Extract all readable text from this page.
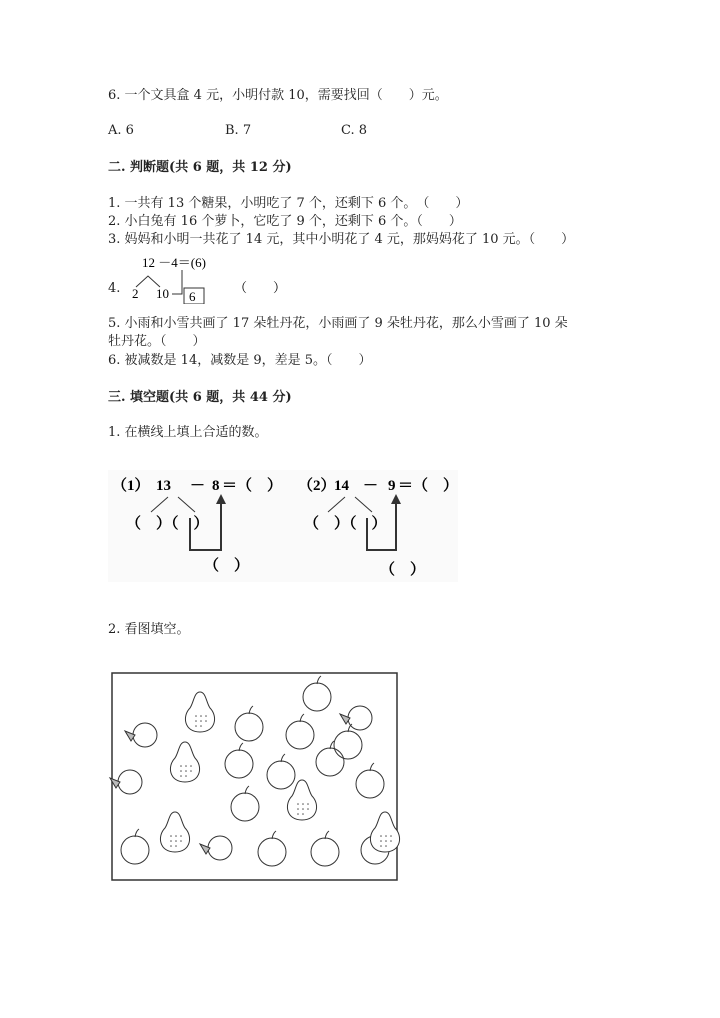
6. 一个文具盒 4 元，小明付款 10，需要找回（　　）元。
A. 6	B. 7	C. 8
二. 判断题(共 6 题，共 12 分)
1. 一共有 13 个糖果，小明吃了 7 个，还剩下 6 个。　（　　）
2. 小白兔有 16 个萝卜，它吃了 9 个，还剩下 6 个。（　　）
3. 妈妈和小明一共花了 14 元，其中小明花了 4 元，那妈妈花了 10 元。（　　）
4.
12 －4＝(6)
2 10 6
（　　）
5. 小雨和小雪共画了 17 朵牡丹花，小雨画了 9 朵牡丹花，那么小雪画了 10 朵
牡丹花。（　　）
6. 被减数是 14，减数是 9，差是 5。（　　）
三. 填空题(共 6 题，共 44 分)
1. 在横线上填上合适的数。
（1） 13 － 8 ＝（　）
（　）（　）
（　）
（2）
14 － 9 ＝（　）
（　）（　）
（　）
2. 看图填空。
